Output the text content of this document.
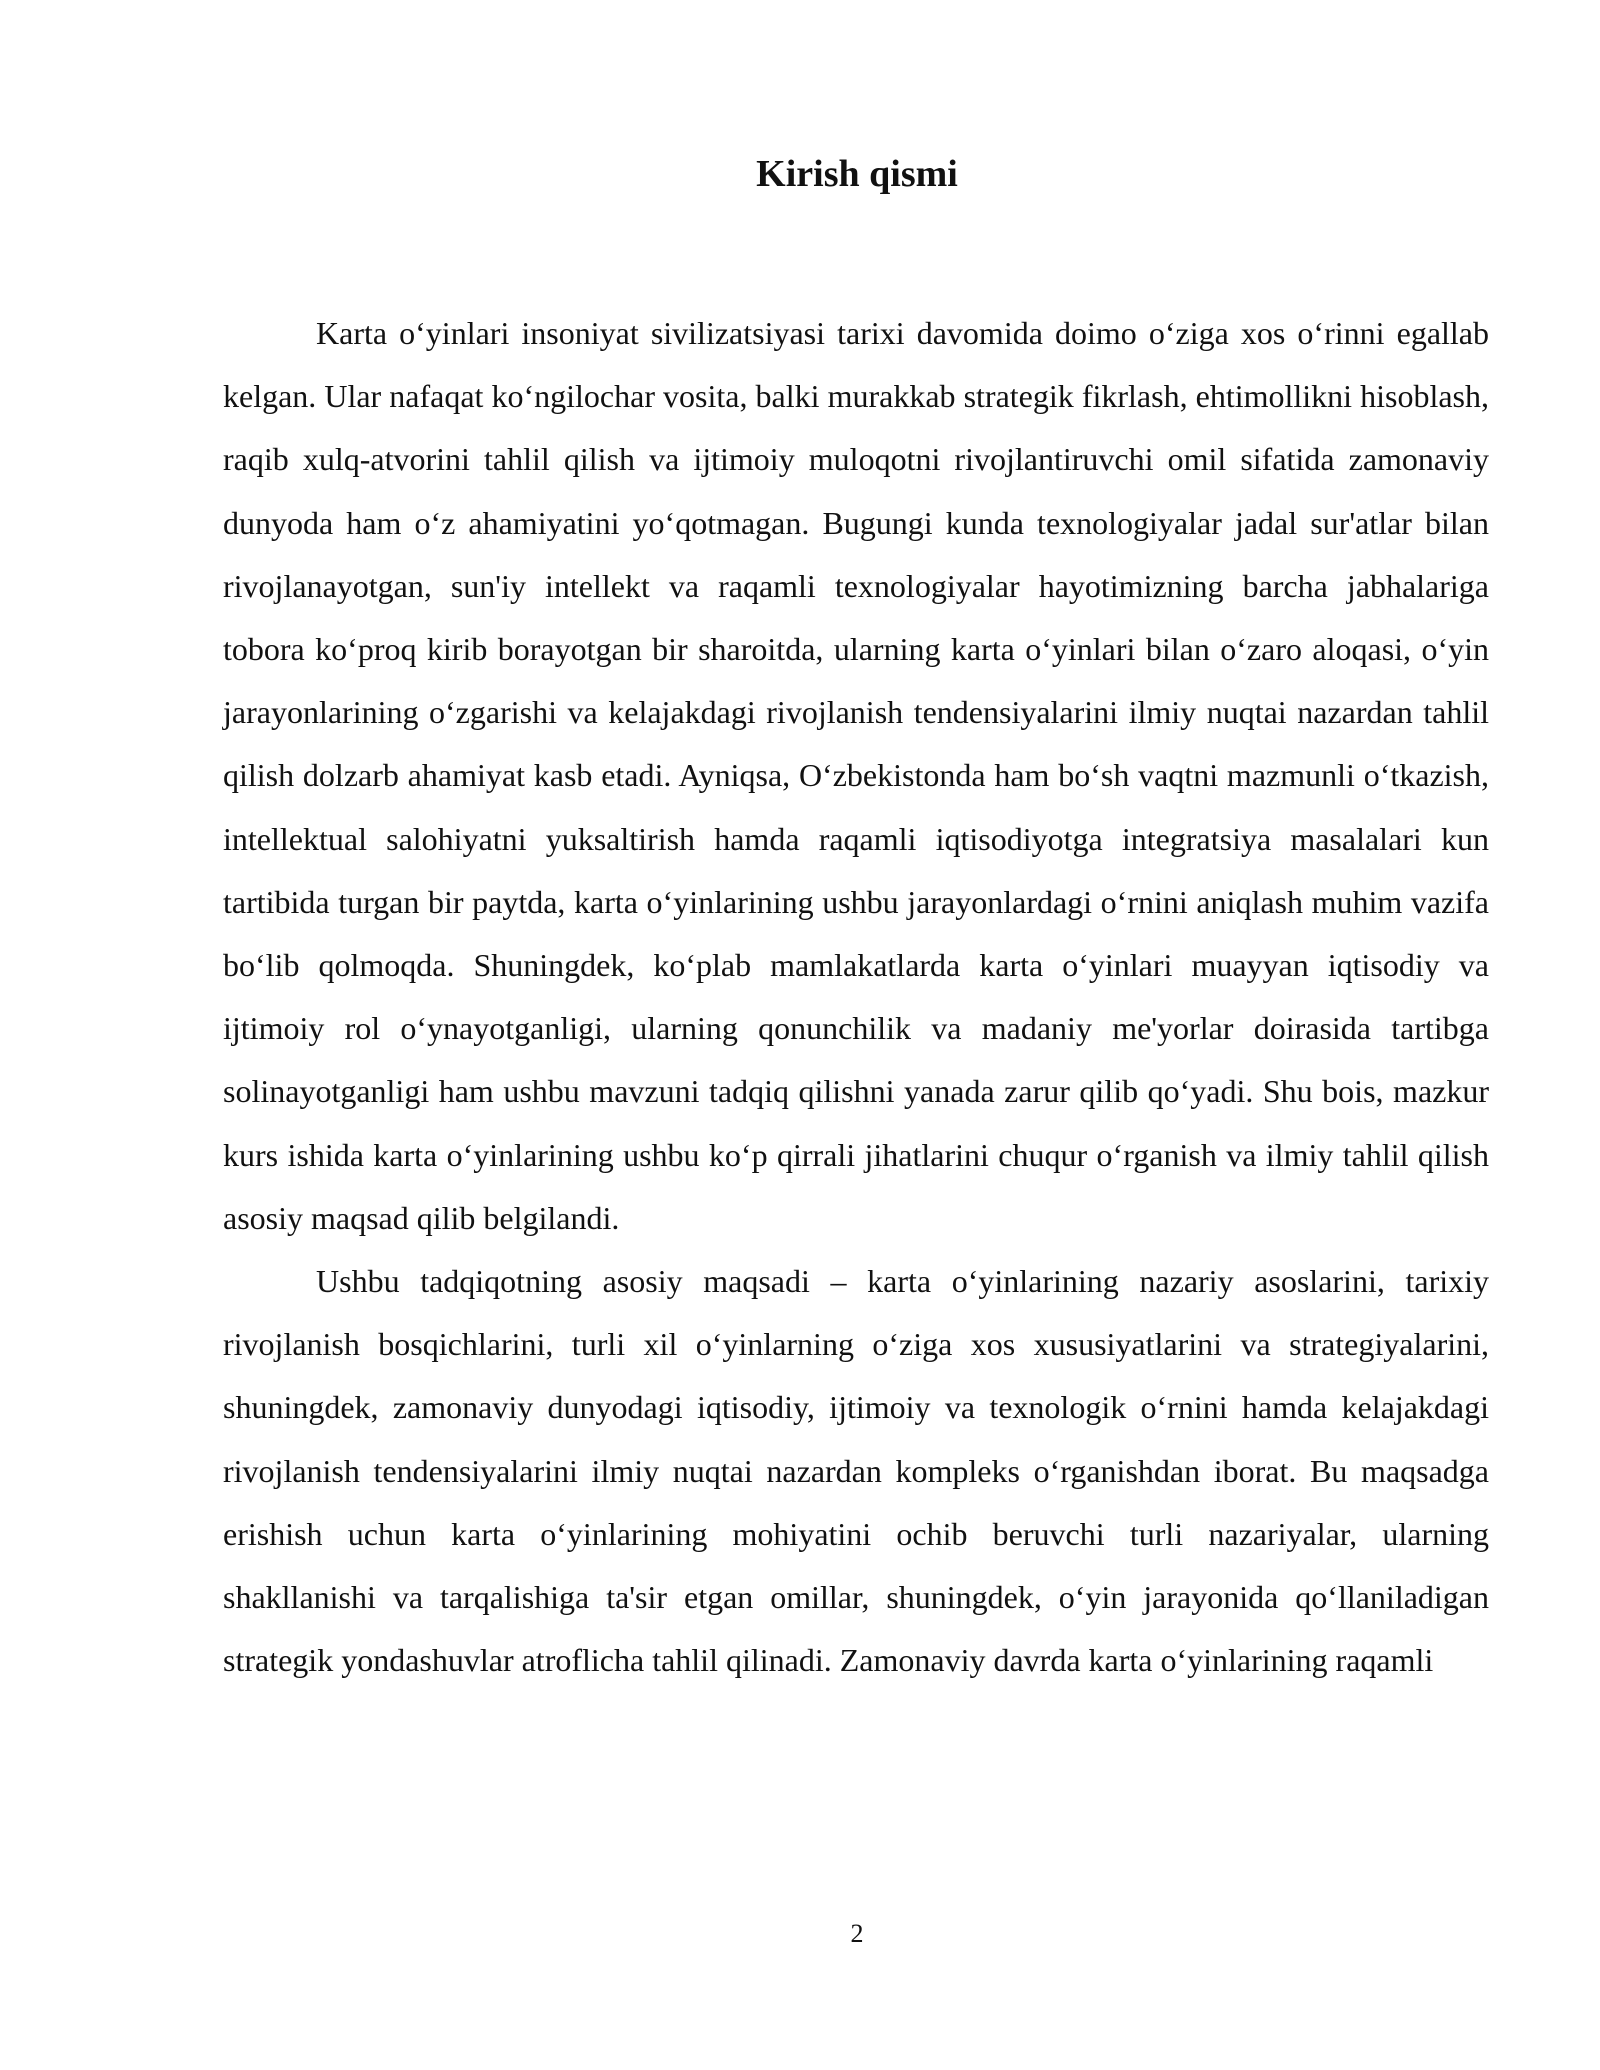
Kirish qismi

Karta o‘yinlari insoniyat sivilizatsiyasi tarixi davomida doimo o‘ziga xos o‘rinni egallab kelgan. Ular nafaqat ko‘ngilochar vosita, balki murakkab strategik fikrlash, ehtimollikni hisoblash, raqib xulq-atvorini tahlil qilish va ijtimoiy muloqotni rivojlantiruvchi omil sifatida zamonaviy dunyoda ham o‘z ahamiyatini yo‘qotmagan. Bugungi kunda texnologiyalar jadal sur'atlar bilan rivojlanayotgan, sun'iy intellekt va raqamli texnologiyalar hayotimizning barcha jabhalariga tobora ko‘proq kirib borayotgan bir sharoitda, ularning karta o‘yinlari bilan o‘zaro aloqasi, o‘yin jarayonlarining o‘zgarishi va kelajakdagi rivojlanish tendensiyalarini ilmiy nuqtai nazardan tahlil qilish dolzarb ahamiyat kasb etadi. Ayniqsa, O‘zbekistonda ham bo‘sh vaqtni mazmunli o‘tkazish, intellektual salohiyatni yuksaltirish hamda raqamli iqtisodiyotga integratsiya masalalari kun tartibida turgan bir paytda, karta o‘yinlarining ushbu jarayonlardagi o‘rnini aniqlash muhim vazifa bo‘lib qolmoqda. Shuningdek, ko‘plab mamlakatlarda karta o‘yinlari muayyan iqtisodiy va ijtimoiy rol o‘ynayotganligi, ularning qonunchilik va madaniy me'yorlar doirasida tartibga solinayotganligi ham ushbu mavzuni tadqiq qilishni yanada zarur qilib qo‘yadi. Shu bois, mazkur kurs ishida karta o‘yinlarining ushbu ko‘p qirrali jihatlarini chuqur o‘rganish va ilmiy tahlil qilish asosiy maqsad qilib belgilandi.

Ushbu tadqiqotning asosiy maqsadi – karta o‘yinlarining nazariy asoslarini, tarixiy rivojlanish bosqichlarini, turli xil o‘yinlarning o‘ziga xos xususiyatlarini va strategiyalarini, shuningdek, zamonaviy dunyodagi iqtisodiy, ijtimoiy va texnologik o‘rnini hamda kelajakdagi rivojlanish tendensiyalarini ilmiy nuqtai nazardan kompleks o‘rganishdan iborat. Bu maqsadga erishish uchun karta o‘yinlarining mohiyatini ochib beruvchi turli nazariyalar, ularning shakllanishi va tarqalishiga ta'sir etgan omillar, shuningdek, o‘yin jarayonida qo‘llaniladigan strategik yondashuvlar atroflicha tahlil qilinadi. Zamonaviy davrda karta o‘yinlarining raqamli

2
